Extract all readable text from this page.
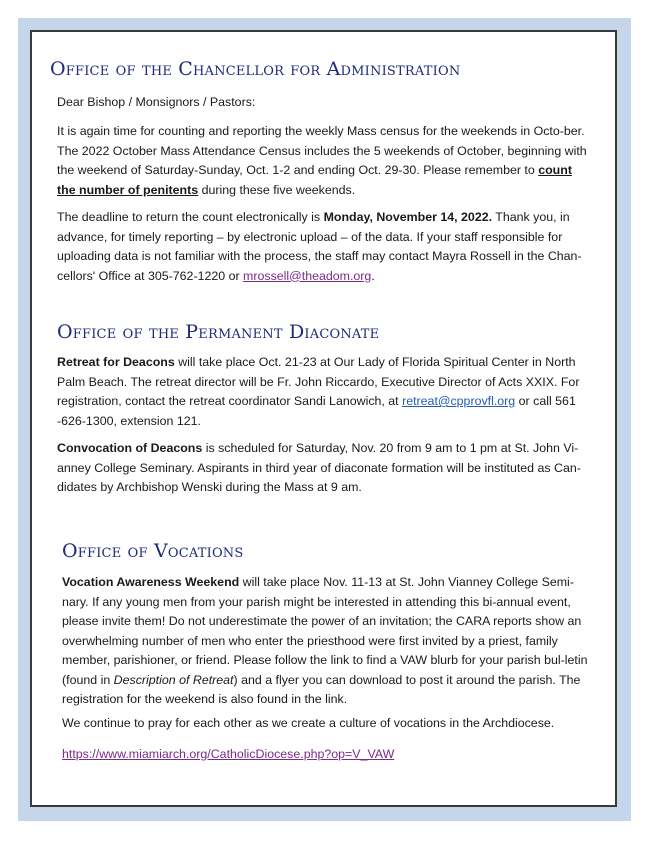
Office of the Chancellor for Administration

Dear Bishop / Monsignors / Pastors:

It is again time for counting and reporting the weekly Mass census for the weekends in Octo-ber. The 2022 October Mass Attendance Census includes the 5 weekends of October, beginning with the weekend of Saturday-Sunday, Oct. 1-2 and ending Oct. 29-30. Please remember to count the number of penitents during these five weekends.

The deadline to return the count electronically is Monday, November 14, 2022. Thank you, in advance, for timely reporting – by electronic upload – of the data. If your staff responsible for uploading data is not familiar with the process, the staff may contact Mayra Rossell in the Chan-cellors' Office at 305-762-1220 or mrossell@theadom.org.

Office of the Permanent Diaconate

Retreat for Deacons will take place Oct. 21-23 at Our Lady of Florida Spiritual Center in North Palm Beach. The retreat director will be Fr. John Riccardo, Executive Director of Acts XXIX. For registration, contact the retreat coordinator Sandi Lanowich, at retreat@cpprovfl.org or call 561 -626-1300, extension 121.

Convocation of Deacons is scheduled for Saturday, Nov. 20 from 9 am to 1 pm at St. John Vi-anney College Seminary. Aspirants in third year of diaconate formation will be instituted as Can-didates by Archbishop Wenski during the Mass at 9 am.

Office of Vocations

Vocation Awareness Weekend will take place Nov. 11-13 at St. John Vianney College Semi-nary. If any young men from your parish might be interested in attending this bi-annual event, please invite them! Do not underestimate the power of an invitation; the CARA reports show an overwhelming number of men who enter the priesthood were first invited by a priest, family member, parishioner, or friend. Please follow the link to find a VAW blurb for your parish bul-letin (found in Description of Retreat) and a flyer you can download to post it around the parish. The registration for the weekend is also found in the link.

We continue to pray for each other as we create a culture of vocations in the Archdiocese.

https://www.miamiarch.org/CatholicDiocese.php?op=V_VAW
